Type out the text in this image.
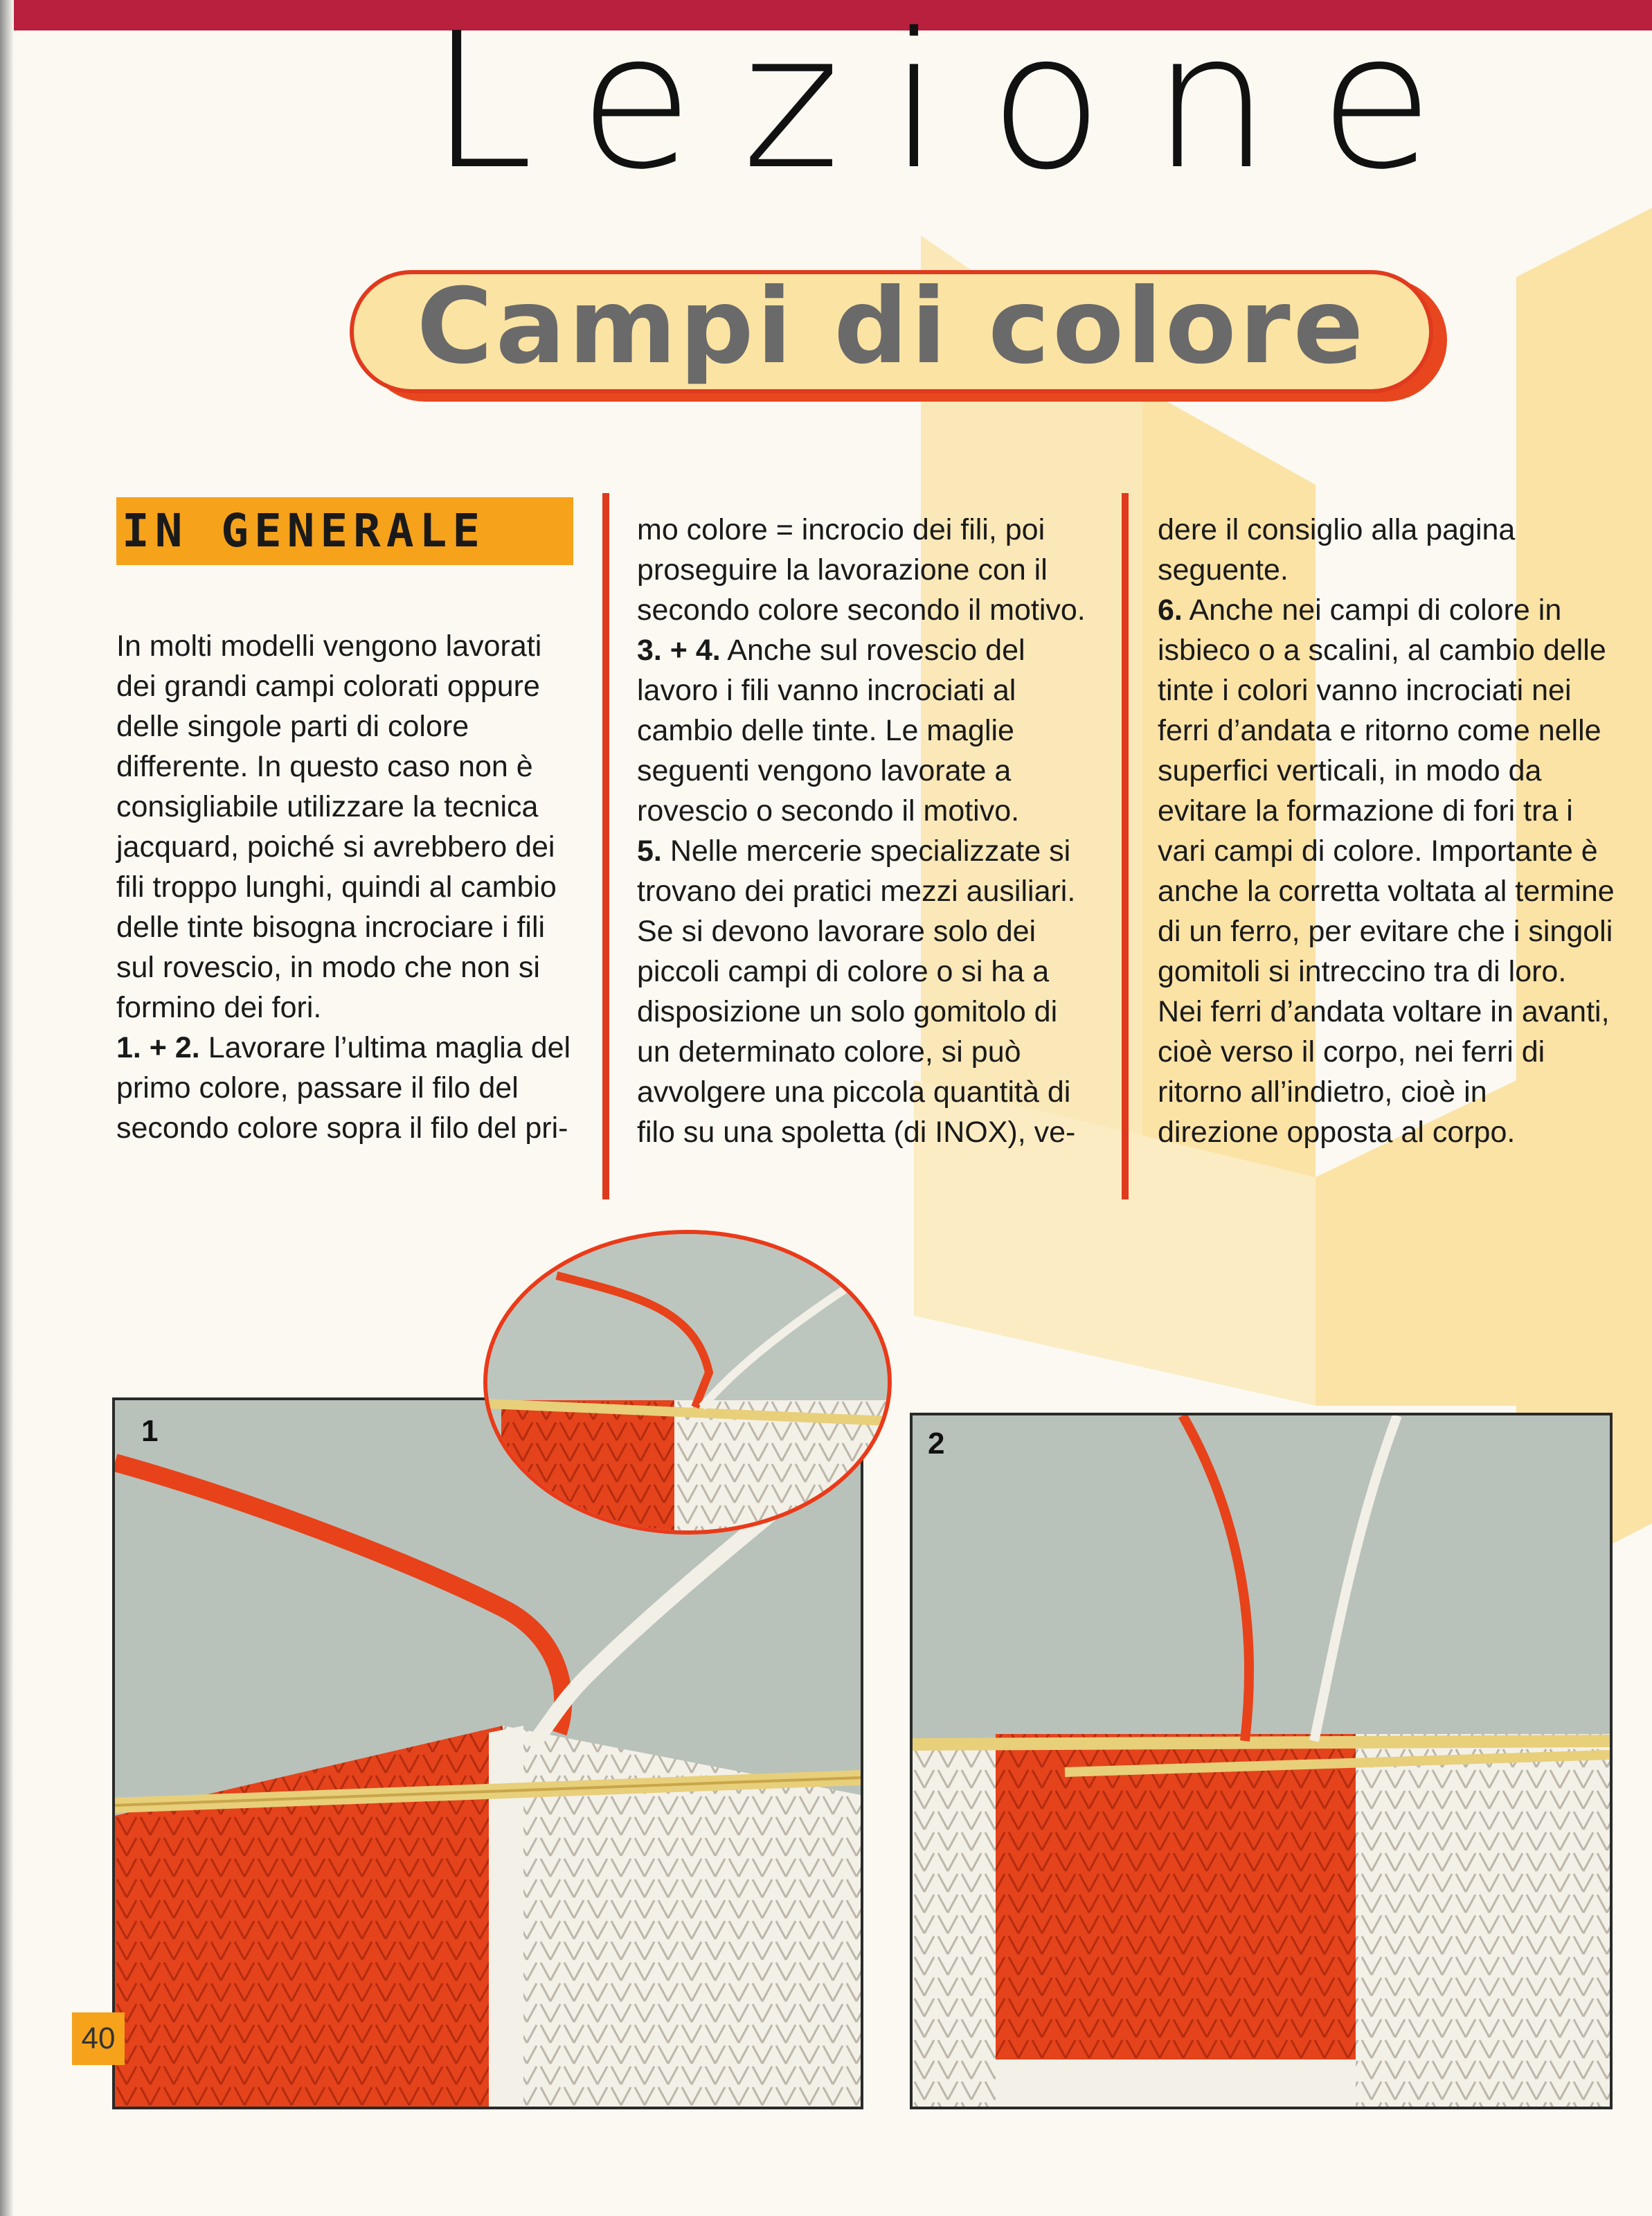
Lezione
Campi di colore
IN GENERALE

In molti modelli vengono lavorati dei grandi campi colorati oppure delle singole parti di colore differente. In questo caso non è consigliabile utilizzare la tecnica jacquard, poiché si avrebbero dei fili troppo lunghi, quindi al cambio delle tinte bisogna incrociare i fili sul rovescio, in modo che non si formino dei fori.

1. + 2. Lavorare l’ultima maglia del primo colore, passare il filo del secondo colore sopra il filo del pri-

mo colore = incrocio dei fili, poi proseguire la lavorazione con il secondo colore secondo il motivo.

3. + 4. Anche sul rovescio del lavoro i fili vanno incrociati al cambio delle tinte. Le maglie seguenti vengono lavorate a rovescio o secondo il motivo.

5. Nelle mercerie specializzate si trovano dei pratici mezzi ausiliari. Se si devono lavorare solo dei piccoli campi di colore o si ha a disposizione un solo gomitolo di un determinato colore, si può avvolgere una piccola quantità di filo su una spoletta (di INOX), ve-

dere il consiglio alla pagina seguente.

6. Anche nei campi di colore in isbieco o a scalini, al cambio delle tinte i colori vanno incrociati nei ferri d’andata e ritorno come nelle superfici verticali, in modo da evitare la formazione di fori tra i vari campi di colore. Importante è anche la corretta voltata al termine di un ferro, per evitare che i singoli gomitoli si intreccino tra di loro. Nei ferri d’andata voltare in avanti, cioè verso il corpo, nei ferri di ritorno all’indietro, cioè in direzione opposta al corpo.

1	2
40
